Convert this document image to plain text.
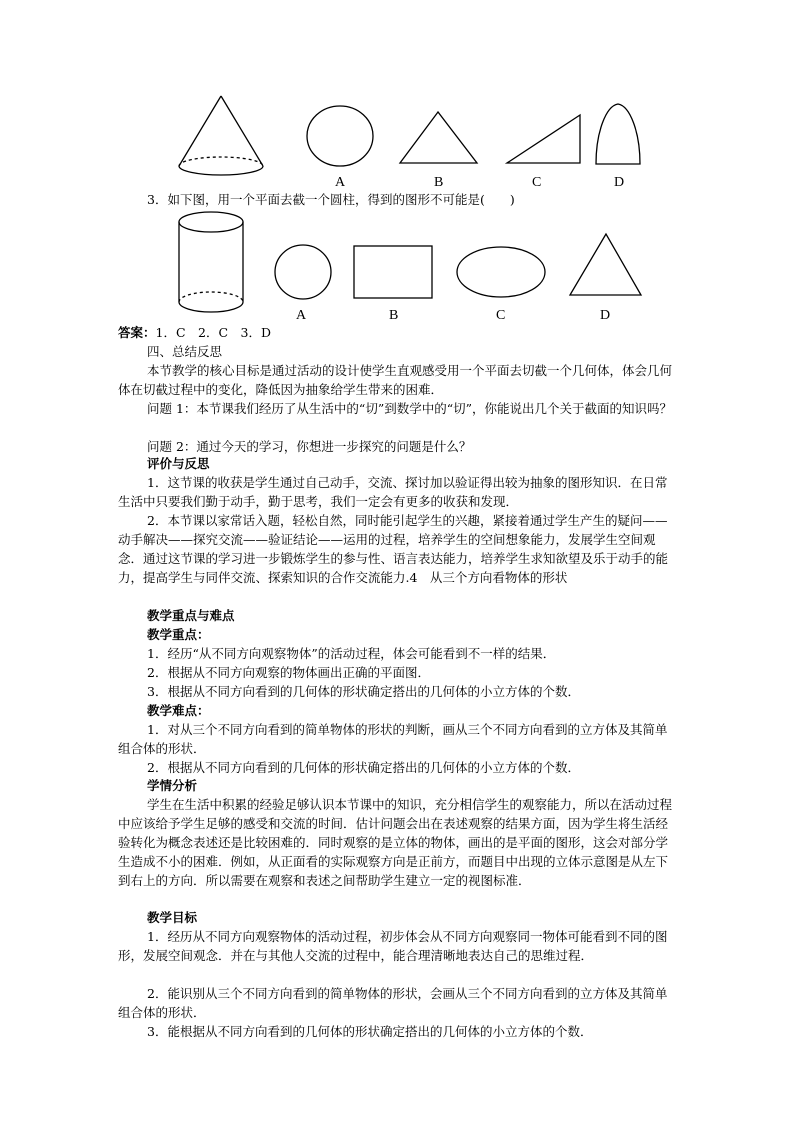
A	B	C	D

3．如下图，用一个平面去截一个圆柱，得到的图形不可能是(　　)

A	B	C	D

答案：1．C　2．C　3．D

四、总结反思

本节教学的核心目标是通过活动的设计使学生直观感受用一个平面去切截一个几何体，体会几何体在切截过程中的变化，降低因为抽象给学生带来的困难．

问题 1：本节课我们经历了从生活中的“切”到数学中的“切”，你能说出几个关于截面的知识吗？

问题 2：通过今天的学习，你想进一步探究的问题是什么？

评价与反思

1．这节课的收获是学生通过自己动手，交流、探讨加以验证得出较为抽象的图形知识．在日常生活中只要我们勤于动手，勤于思考，我们一定会有更多的收获和发现．

2．本节课以家常话入题，轻松自然，同时能引起学生的兴趣，紧接着通过学生产生的疑问——动手解决——探究交流——验证结论——运用的过程，培养学生的空间想象能力，发展学生空间观念．通过这节课的学习进一步锻炼学生的参与性、语言表达能力，培养学生求知欲望及乐于动手的能力，提高学生与同伴交流、探索知识的合作交流能力.4　从三个方向看物体的形状

教学重点与难点
教学重点：

1．经历“从不同方向观察物体”的活动过程，体会可能看到不一样的结果．

2．根据从不同方向观察的物体画出正确的平面图．

3．根据从不同方向看到的几何体的形状确定搭出的几何体的小立方体的个数．

教学难点：

1．对从三个不同方向看到的简单物体的形状的判断，画从三个不同方向看到的立方体及其简单组合体的形状．

2．根据从不同方向看到的几何体的形状确定搭出的几何体的小立方体的个数．

学情分析

学生在生活中积累的经验足够认识本节课中的知识，充分相信学生的观察能力，所以在活动过程中应该给予学生足够的感受和交流的时间．估计问题会出在表述观察的结果方面，因为学生将生活经验转化为概念表述还是比较困难的．同时观察的是立体的物体，画出的是平面的图形，这会对部分学生造成不小的困难．例如，从正面看的实际观察方向是正前方，而题目中出现的立体示意图是从左下到右上的方向．所以需要在观察和表述之间帮助学生建立一定的视图标准．

教学目标

1．经历从不同方向观察物体的活动过程，初步体会从不同方向观察同一物体可能看到不同的图形，发展空间观念．并在与其他人交流的过程中，能合理清晰地表达自己的思维过程．

2．能识别从三个不同方向看到的简单物体的形状，会画从三个不同方向看到的立方体及其简单组合体的形状．

3．能根据从不同方向看到的几何体的形状确定搭出的几何体的小立方体的个数．
